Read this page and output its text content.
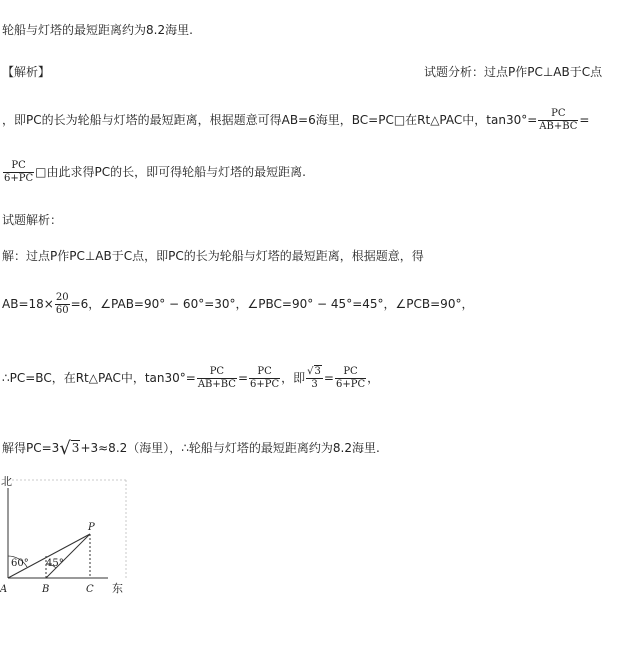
轮船与灯塔的最短距离约为8.2海里.
【解析】	试题分析：过点P作PC⊥AB于C点
，即PC的长为轮船与灯塔的最短距离，根据题意可得AB=6海里，BC=PC□在Rt△PAC中，$\tan 30^\circ= \frac{PC}{AB+BC}$ =
$\frac{PC}{6+PC}$ □由此求得PC的长，即可得轮船与灯塔的最短距离.
试题解析：
解：过点P作PC⊥AB于C点，即PC的长为轮船与灯塔的最短距离，根据题意，得
$AB=18\times \frac{20}{60} =6$，∠PAB=90° − 60°=30°，∠PBC=90° − 45°=45°，∠PCB=90°，
∴PC=BC，在Rt△PAC中，$\tan 30^\circ= \frac{PC}{AB+BC} = \frac{PC}{6+PC}$ ，即 $\frac{√3}{3} = \frac{PC}{6+PC}$ ，
解得PC=3√3+3≈8.2（海里），∴轮船与灯塔的最短距离约为8.2海里.
北
东
60° 45°
A	B	C
P
